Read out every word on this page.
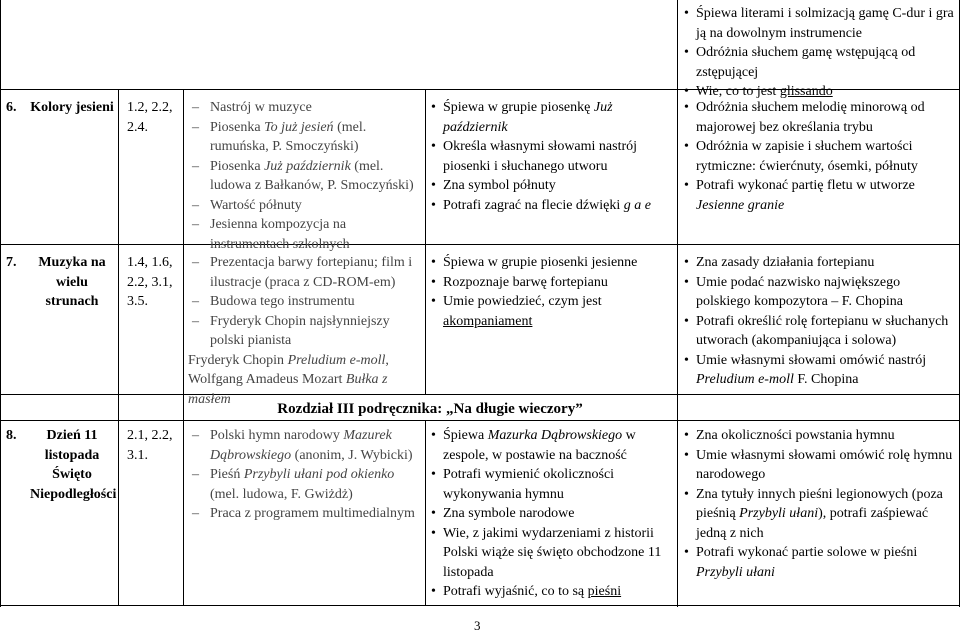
• Śpiewa literami i solmizacją gamę C-dur i gra ją na dowolnym instrumencie
• Odróżnia słuchem gamę wstępującą od zstępującej
• Wie, co to jest glissando
6. Kolory jesieni 1.2, 2.2, 2.4.
– Nastrój w muzyce
– Piosenka To już jesień (mel. rumuńska, P. Smoczyński)
– Piosenka Już październik (mel. ludowa z Bałkanów, P. Smoczyński)
– Wartość półnuty
– Jesienna kompozycja na instrumentach szkolnych
• Śpiewa w grupie piosenkę Już październik
• Określa własnymi słowami nastrój piosenki i słuchanego utworu
• Zna symbol półnuty
• Potrafi zagrać na flecie dźwięki g a e
• Odróżnia słuchem melodię minorową od majorowej bez określania trybu
• Odróżnia w zapisie i słuchem wartości rytmiczne: ćwierćnuty, ósemki, półnuty
• Potrafi wykonać partię fletu w utworze Jesienne granie
7.	Muzyka na wielu strunach
1.4, 1.6, 2.2, 3.1, 3.5.
– Prezentacja barwy fortepianu; film i ilustracje (praca z CD-ROM-em)
– Budowa tego instrumentu
– Fryderyk Chopin najsłynniejszy polski pianista
Fryderyk Chopin Preludium e-moll, Wolfgang Amadeus Mozart Bułka z masłem
• Śpiewa w grupie piosenki jesienne
• Rozpoznaje barwę fortepianu
• Umie powiedzieć, czym jest akompaniament
• Zna zasady działania fortepianu
• Umie podać nazwisko największego polskiego kompozytora – F. Chopina
• Potrafi określić rolę fortepianu w słuchanych utworach (akompaniująca i solowa)
• Umie własnymi słowami omówić nastrój Preludium e-moll F. Chopina
Rozdział III podręcznika: „Na długie wieczory”
8.	Dzień 11 listopada Święto Niepodległości
2.1, 2.2, 3.1.
– Polski hymn narodowy Mazurek Dąbrowskiego (anonim, J. Wybicki)
– Pieśń Przybyli ułani pod okienko (mel. ludowa, F. Gwiżdż)
– Praca z programem multimedialnym
• Śpiewa Mazurka Dąbrowskiego w zespole, w postawie na baczność
• Potrafi wymienić okoliczności wykonywania hymnu
• Zna symbole narodowe
• Wie, z jakimi wydarzeniami z historii Polski wiąże się święto obchodzone 11 listopada
• Potrafi wyjaśnić, co to są pieśni
• Zna okoliczności powstania hymnu
• Umie własnymi słowami omówić rolę hymnu narodowego
• Zna tytuły innych pieśni legionowych (poza pieśnią Przybyli ułani), potrafi zaśpiewać jedną z nich
• Potrafi wykonać partie solowe w pieśni Przybyli ułani
3
